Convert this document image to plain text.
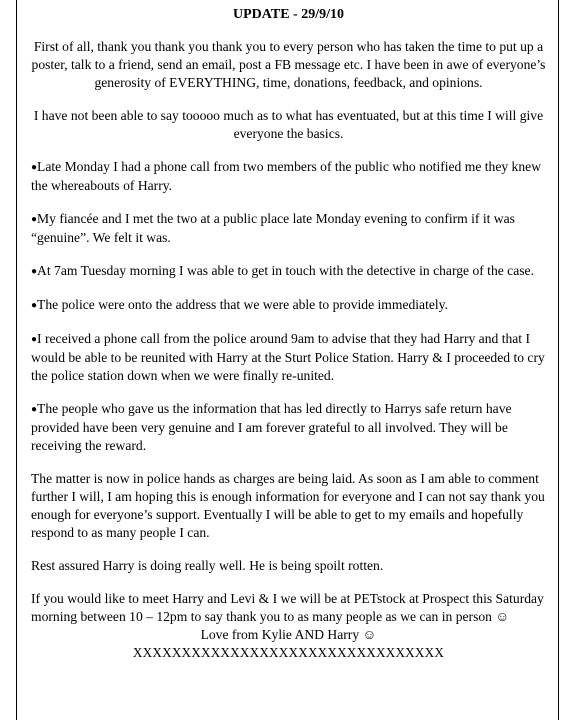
UPDATE - 29/9/10

First of all, thank you thank you thank you to every person who has taken the time to put up a poster, talk to a friend, send an email, post a FB message etc. I have been in awe of everyone’s generosity of EVERYTHING, time, donations, feedback, and opinions.

I have not been able to say tooooo much as to what has eventuated, but at this time I will give everyone the basics.

●Late Monday I had a phone call from two members of the public who notified me they knew the whereabouts of Harry.

●My fiancée and I met the two at a public place late Monday evening to confirm if it was “genuine”. We felt it was.

●At 7am Tuesday morning I was able to get in touch with the detective in charge of the case.

●The police were onto the address that we were able to provide immediately.

●I received a phone call from the police around 9am to advise that they had Harry and that I would be able to be reunited with Harry at the Sturt Police Station. Harry & I proceeded to cry the police station down when we were finally re-united.

●The people who gave us the information that has led directly to Harrys safe return have provided have been very genuine and I am forever grateful to all involved. They will be receiving the reward.

The matter is now in police hands as charges are being laid. As soon as I am able to comment further I will, I am hoping this is enough information for everyone and I can not say thank you enough for everyone’s support. Eventually I will be able to get to my emails and hopefully respond to as many people I can.

Rest assured Harry is doing really well. He is being spoilt rotten.

If you would like to meet Harry and Levi & I we will be at PETstock at Prospect this Saturday morning between 10 – 12pm to say thank you to as many people as we can in person ☺

Love from Kylie AND Harry ☺

XXXXXXXXXXXXXXXXXXXXXXXXXXXXXXXX
